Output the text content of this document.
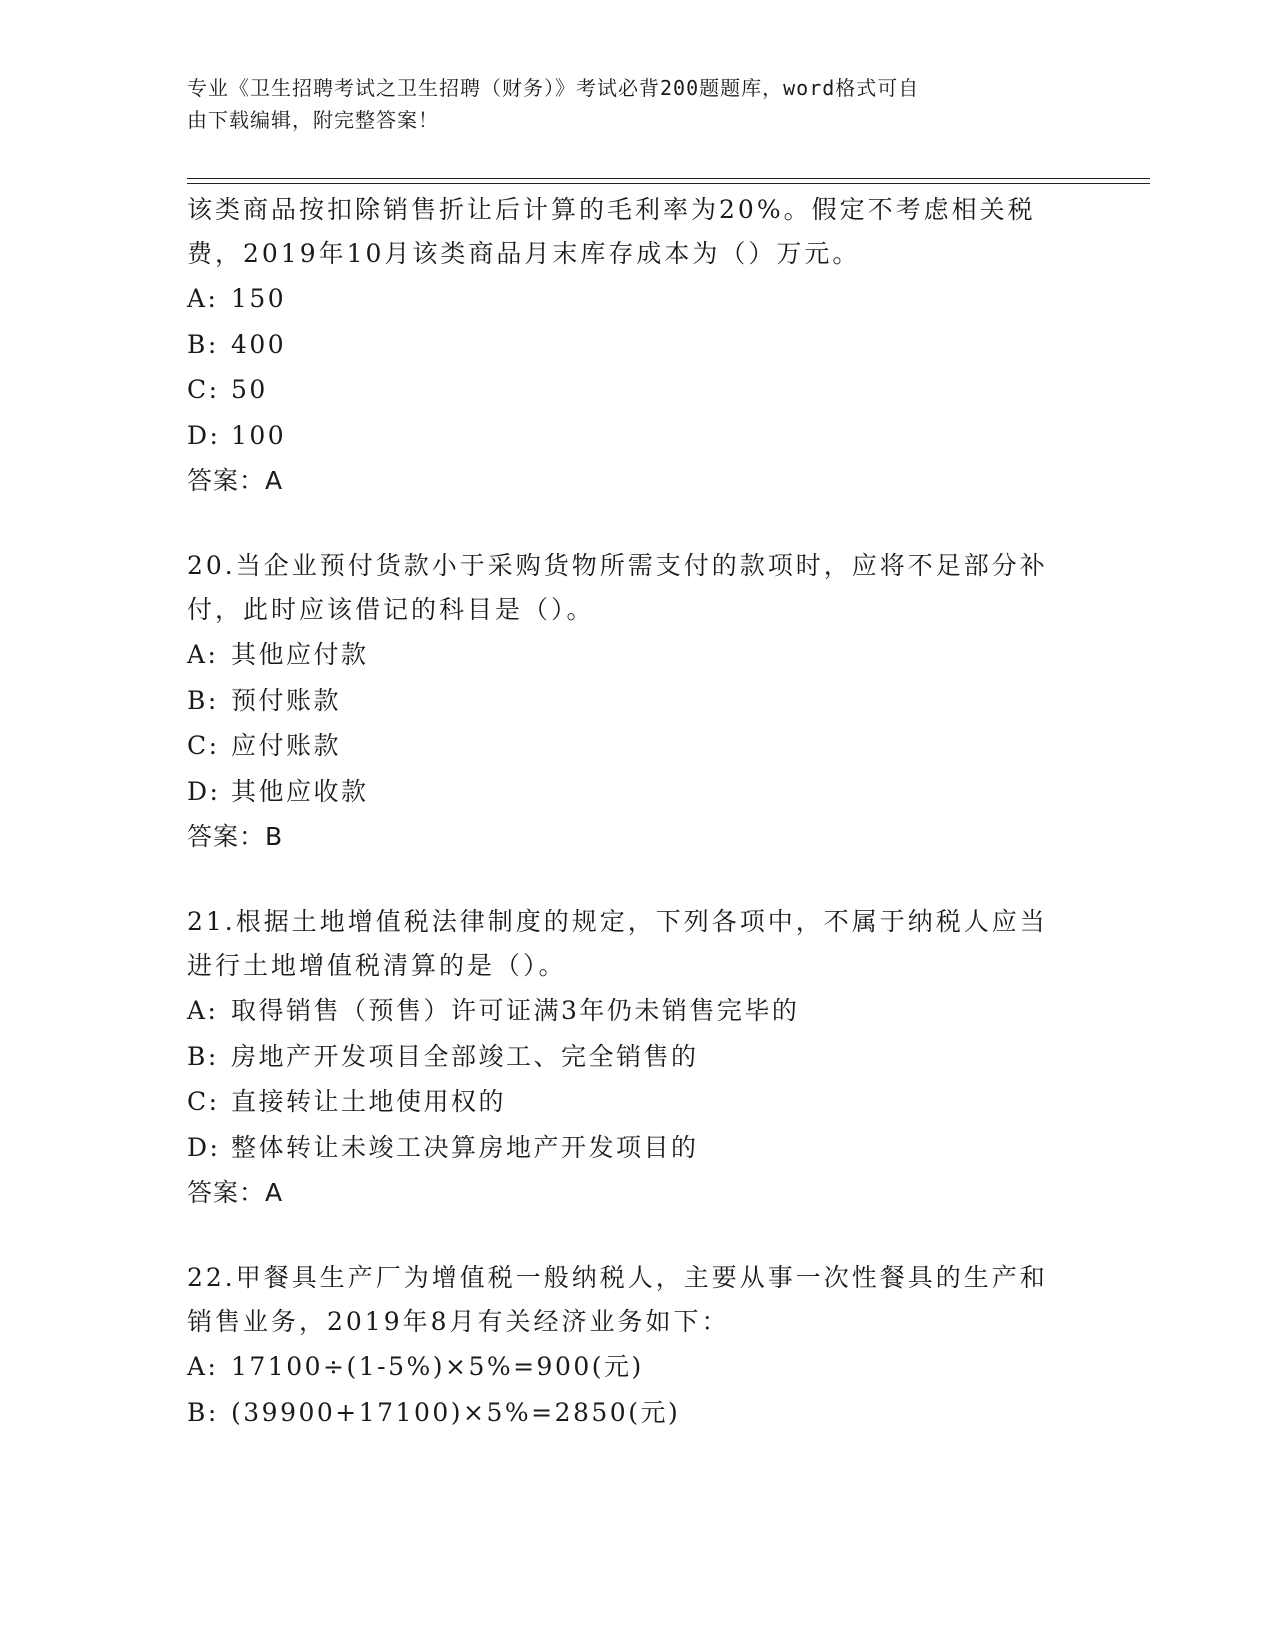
专业《卫生招聘考试之卫生招聘（财务）》考试必背200题题库，word格式可自
由下载编辑，附完整答案！

该类商品按扣除销售折让后计算的毛利率为20%。假定不考虑相关税

费，2019年10月该类商品月末库存成本为（）万元。

A: 150

B: 400

C: 50

D: 100

答案：A

20.当企业预付货款小于采购货物所需支付的款项时，应将不足部分补

付，此时应该借记的科目是（）。

A: 其他应付款

B: 预付账款

C: 应付账款

D: 其他应收款

答案：B

21.根据土地增值税法律制度的规定，下列各项中，不属于纳税人应当

进行土地增值税清算的是（）。

A: 取得销售（预售）许可证满3年仍未销售完毕的

B: 房地产开发项目全部竣工、完全销售的

C: 直接转让土地使用权的

D: 整体转让未竣工决算房地产开发项目的

答案：A

22.甲餐具生产厂为增值税一般纳税人，主要从事一次性餐具的生产和

销售业务，2019年8月有关经济业务如下：

A: 17100÷(1-5%)×5%=900(元)

B: (39900+17100)×5%=2850(元)
